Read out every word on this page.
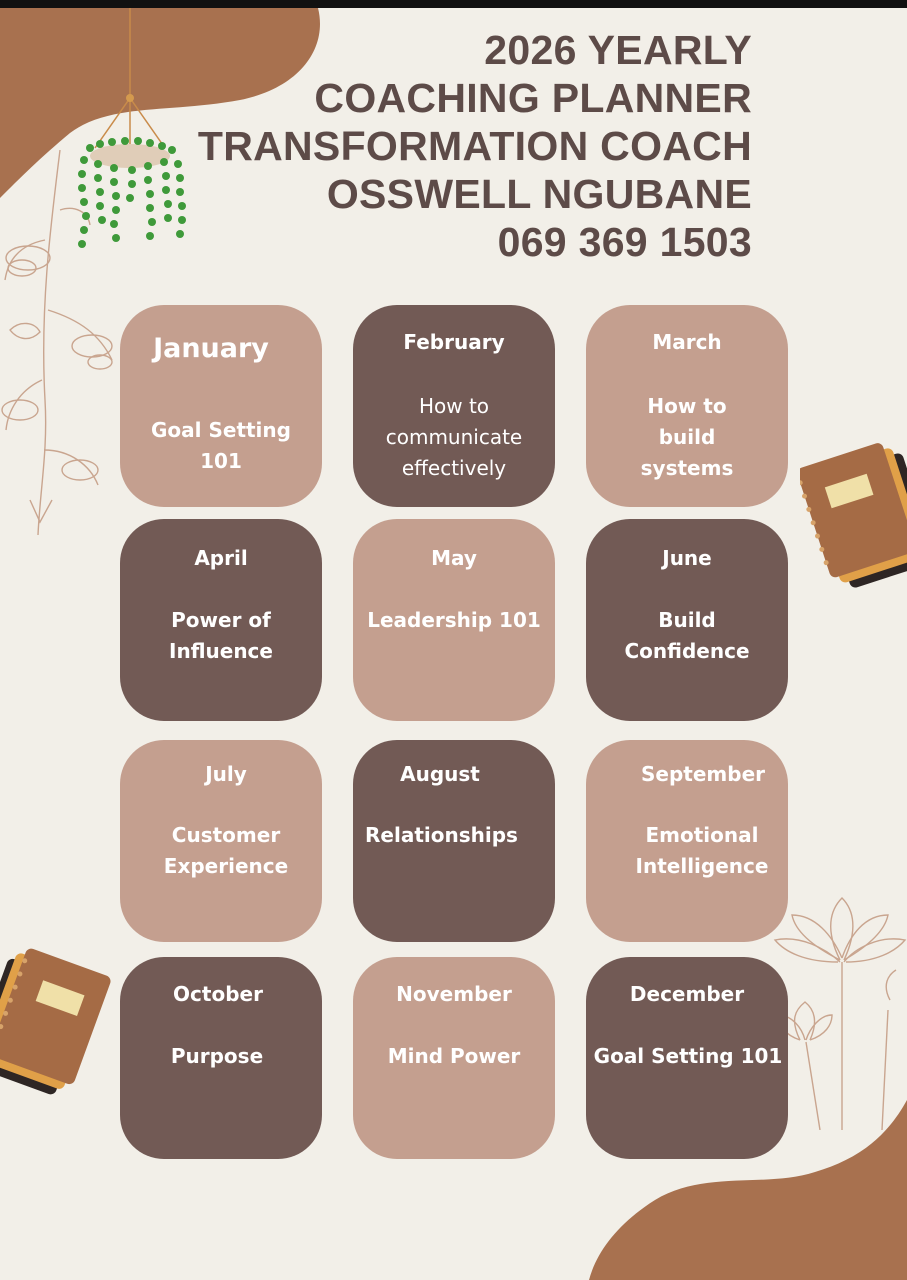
2026 YEARLY
COACHING PLANNER
TRANSFORMATION COACH
OSSWELL NGUBANE
069 369 1503
January
Goal Setting 101
February
How to communicate effectively
March
How to build systems
April
Power of Influence
May
Leadership 101
June
Build Confidence
July
Customer Experience
August
Relationships
September
Emotional Intelligence
October
Purpose
November
Mind Power
December
Goal Setting 101
